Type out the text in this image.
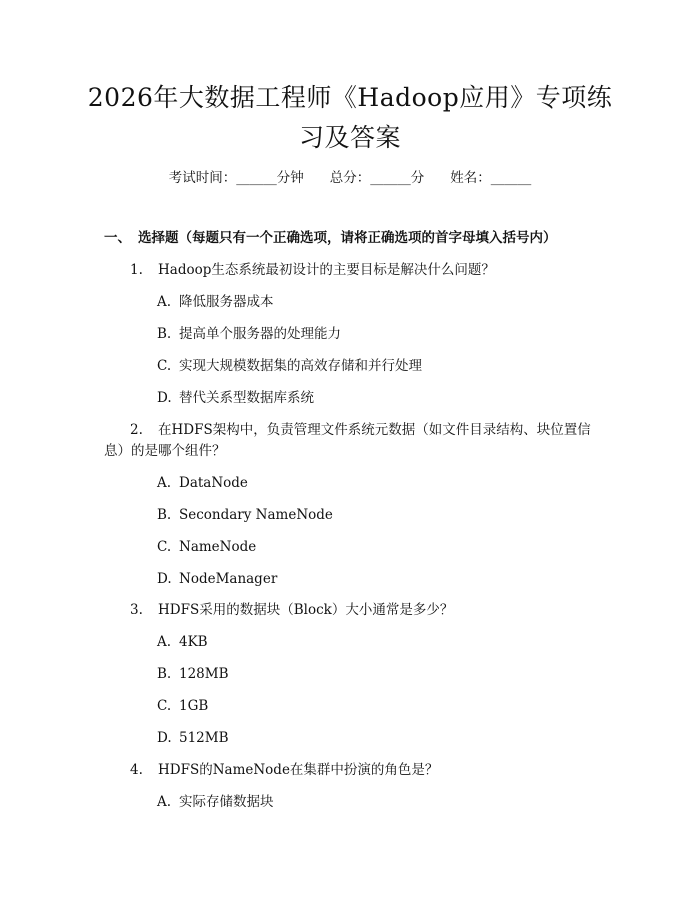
2026年大数据工程师《Hadoop应用》专项练
习及答案
考试时间：______分钟 总分：______分 姓名：______
一、 选择题（每题只有一个正确选项，请将正确选项的首字母填入括号内）
1. Hadoop生态系统最初设计的主要目标是解决什么问题？
A. 降低服务器成本
B. 提高单个服务器的处理能力
C. 实现大规模数据集的高效存储和并行处理
D. 替代关系型数据库系统
2. 在HDFS架构中，负责管理文件系统元数据（如文件目录结构、块位置信
息）的是哪个组件？
A. DataNode
B. Secondary NameNode
C. NameNode
D. NodeManager
3. HDFS采用的数据块（Block）大小通常是多少？
A. 4KB
B. 128MB
C. 1GB
D. 512MB
4. HDFS的NameNode在集群中扮演的角色是？
A. 实际存储数据块
